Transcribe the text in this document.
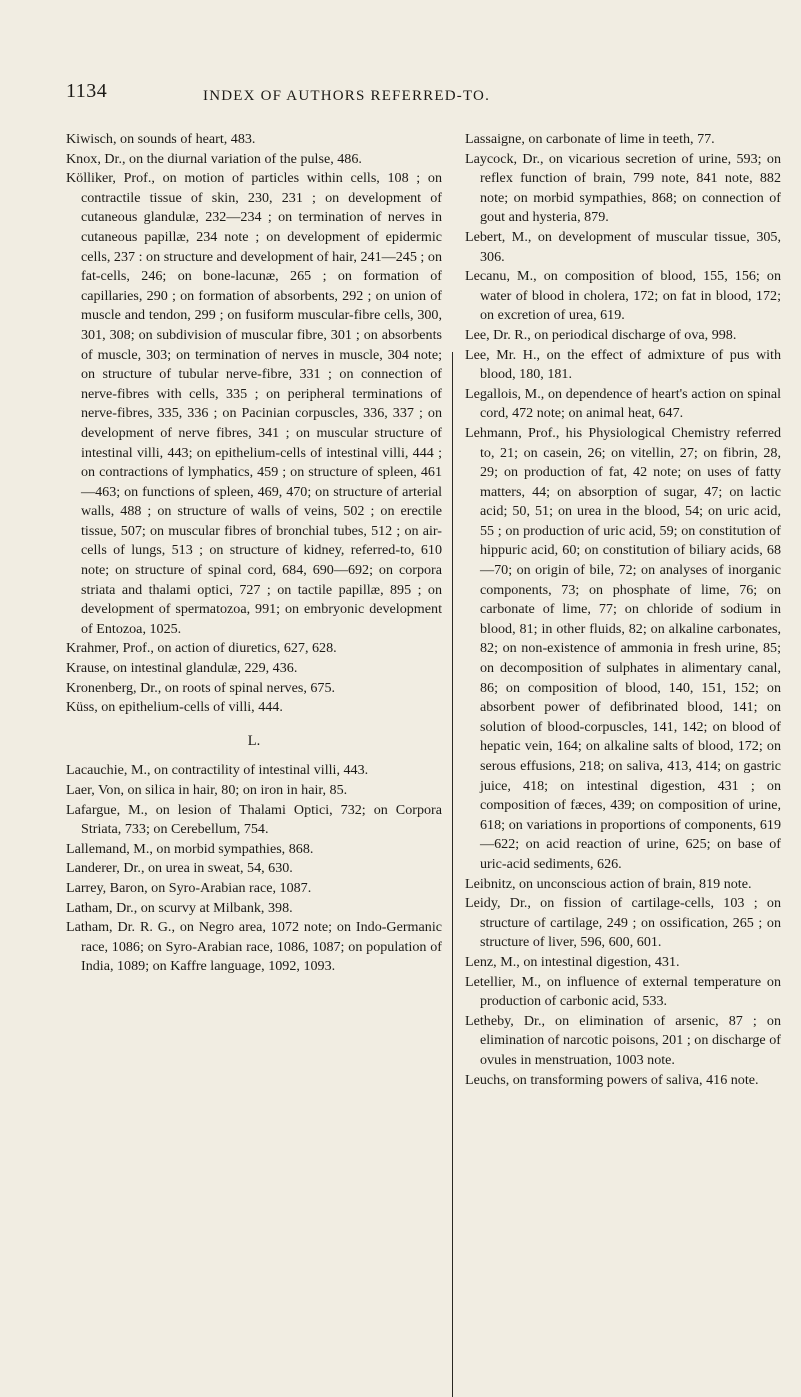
1134	INDEX OF AUTHORS REFERRED-TO.

Kiwisch, on sounds of heart, 483.

Knox, Dr., on the diurnal variation of the pulse, 486.

Kölliker, Prof., on motion of particles within cells, 108 ; on contractile tissue of skin, 230, 231 ; on development of cutaneous glandulæ, 232—234 ; on termination of nerves in cutaneous papillæ, 234 note ; on development of epidermic cells, 237 : on structure and development of hair, 241—245 ; on fat-cells, 246; on bone-lacunæ, 265 ; on formation of capillaries, 290 ; on formation of absorbents, 292 ; on union of muscle and tendon, 299 ; on fusiform muscular-fibre cells, 300, 301, 308; on subdivision of muscular fibre, 301 ; on absorbents of muscle, 303; on termination of nerves in muscle, 304 note; on structure of tubular nerve-fibre, 331 ; on connection of nerve-fibres with cells, 335 ; on peripheral terminations of nerve-fibres, 335, 336 ; on Pacinian corpuscles, 336, 337 ; on development of nerve fibres, 341 ; on muscular structure of intestinal villi, 443; on epithelium-cells of intestinal villi, 444 ; on contractions of lymphatics, 459 ; on structure of spleen, 461—463; on functions of spleen, 469, 470; on structure of arterial walls, 488 ; on structure of walls of veins, 502 ; on erectile tissue, 507; on muscular fibres of bronchial tubes, 512 ; on air-cells of lungs, 513 ; on structure of kidney, referred-to, 610 note; on structure of spinal cord, 684, 690—692; on corpora striata and thalami optici, 727 ; on tactile papillæ, 895 ; on development of spermatozoa, 991; on embryonic development of Entozoa, 1025.

Krahmer, Prof., on action of diuretics, 627, 628.

Krause, on intestinal glandulæ, 229, 436.

Kronenberg, Dr., on roots of spinal nerves, 675.

Küss, on epithelium-cells of villi, 444.

L.

Lacauchie, M., on contractility of intestinal villi, 443.

Laer, Von, on silica in hair, 80; on iron in hair, 85.

Lafargue, M., on lesion of Thalami Optici, 732; on Corpora Striata, 733; on Cerebellum, 754.

Lallemand, M., on morbid sympathies, 868.

Landerer, Dr., on urea in sweat, 54, 630.

Larrey, Baron, on Syro-Arabian race, 1087.

Latham, Dr., on scurvy at Milbank, 398.

Latham, Dr. R. G., on Negro area, 1072 note; on Indo-Germanic race, 1086; on Syro-Arabian race, 1086, 1087; on population of India, 1089; on Kaffre language, 1092, 1093.

Lassaigne, on carbonate of lime in teeth, 77.

Laycock, Dr., on vicarious secretion of urine, 593; on reflex function of brain, 799 note, 841 note, 882 note; on morbid sympathies, 868; on connection of gout and hysteria, 879.

Lebert, M., on development of muscular tissue, 305, 306.

Lecanu, M., on composition of blood, 155, 156; on water of blood in cholera, 172; on fat in blood, 172; on excretion of urea, 619.

Lee, Dr. R., on periodical discharge of ova, 998.

Lee, Mr. H., on the effect of admixture of pus with blood, 180, 181.

Legallois, M., on dependence of heart's action on spinal cord, 472 note; on animal heat, 647.

Lehmann, Prof., his Physiological Chemistry referred to, 21; on casein, 26; on vitellin, 27; on fibrin, 28, 29; on production of fat, 42 note; on uses of fatty matters, 44; on absorption of sugar, 47; on lactic acid; 50, 51; on urea in the blood, 54; on uric acid, 55 ; on production of uric acid, 59; on constitution of hippuric acid, 60; on constitution of biliary acids, 68—70; on origin of bile, 72; on analyses of inorganic components, 73; on phosphate of lime, 76; on carbonate of lime, 77; on chloride of sodium in blood, 81; in other fluids, 82; on alkaline carbonates, 82; on non-existence of ammonia in fresh urine, 85; on decomposition of sulphates in alimentary canal, 86; on composition of blood, 140, 151, 152; on absorbent power of defibrinated blood, 141; on solution of blood-corpuscles, 141, 142; on blood of hepatic vein, 164; on alkaline salts of blood, 172; on serous effusions, 218; on saliva, 413, 414; on gastric juice, 418; on intestinal digestion, 431 ; on composition of fæces, 439; on composition of urine, 618; on variations in proportions of components, 619—622; on acid reaction of urine, 625; on base of uric-acid sediments, 626.

Leibnitz, on unconscious action of brain, 819 note.

Leidy, Dr., on fission of cartilage-cells, 103 ; on structure of cartilage, 249 ; on ossification, 265 ; on structure of liver, 596, 600, 601.

Lenz, M., on intestinal digestion, 431.

Letellier, M., on influence of external temperature on production of carbonic acid, 533.

Letheby, Dr., on elimination of arsenic, 87 ; on elimination of narcotic poisons, 201 ; on discharge of ovules in menstruation, 1003 note.

Leuchs, on transforming powers of saliva, 416 note.
